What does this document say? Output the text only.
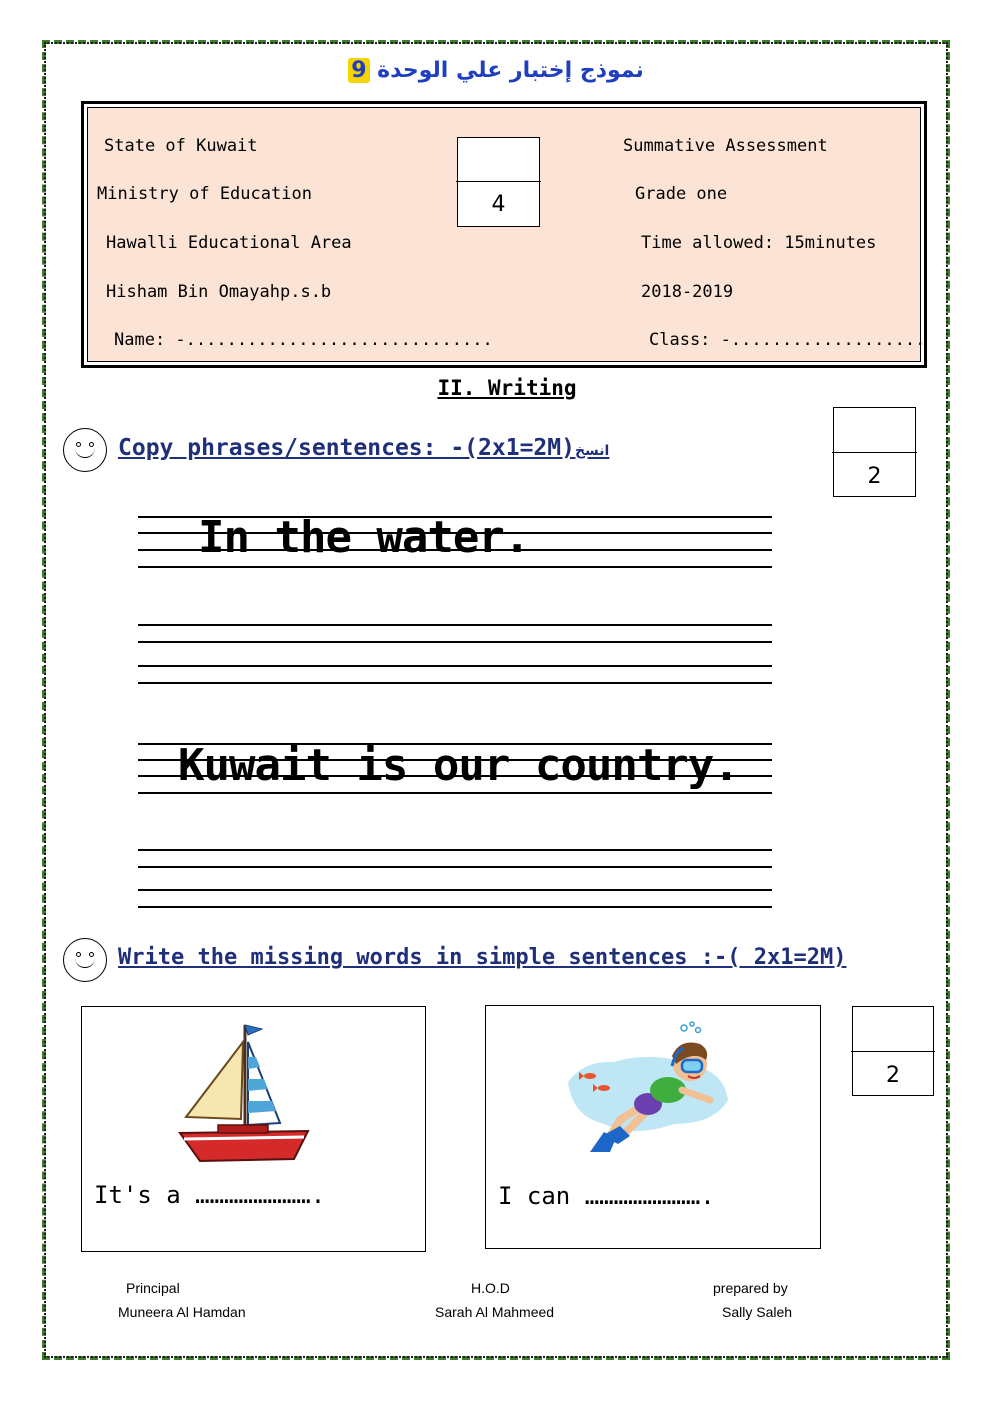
نموذج إختبار علي الوحدة 9
State of Kuwait
Ministry of Education
Hawalli Educational Area
Hisham Bin Omayahp.s.b
Name: -..............................
Summative Assessment
Grade one
Time allowed: 15minutes
2018-2019
Class: -...................
4
II. Writing
Copy phrases/sentences: -(2x1=2M)انسخ
2
In the water.
Kuwait is our country.
Write the missing words in simple sentences :-( 2x1=2M)
2
It's a …………………….	I can …………………….
Principal
Muneera Al Hamdan
H.O.D
Sarah Al Mahmeed
prepared by
Sally Saleh
